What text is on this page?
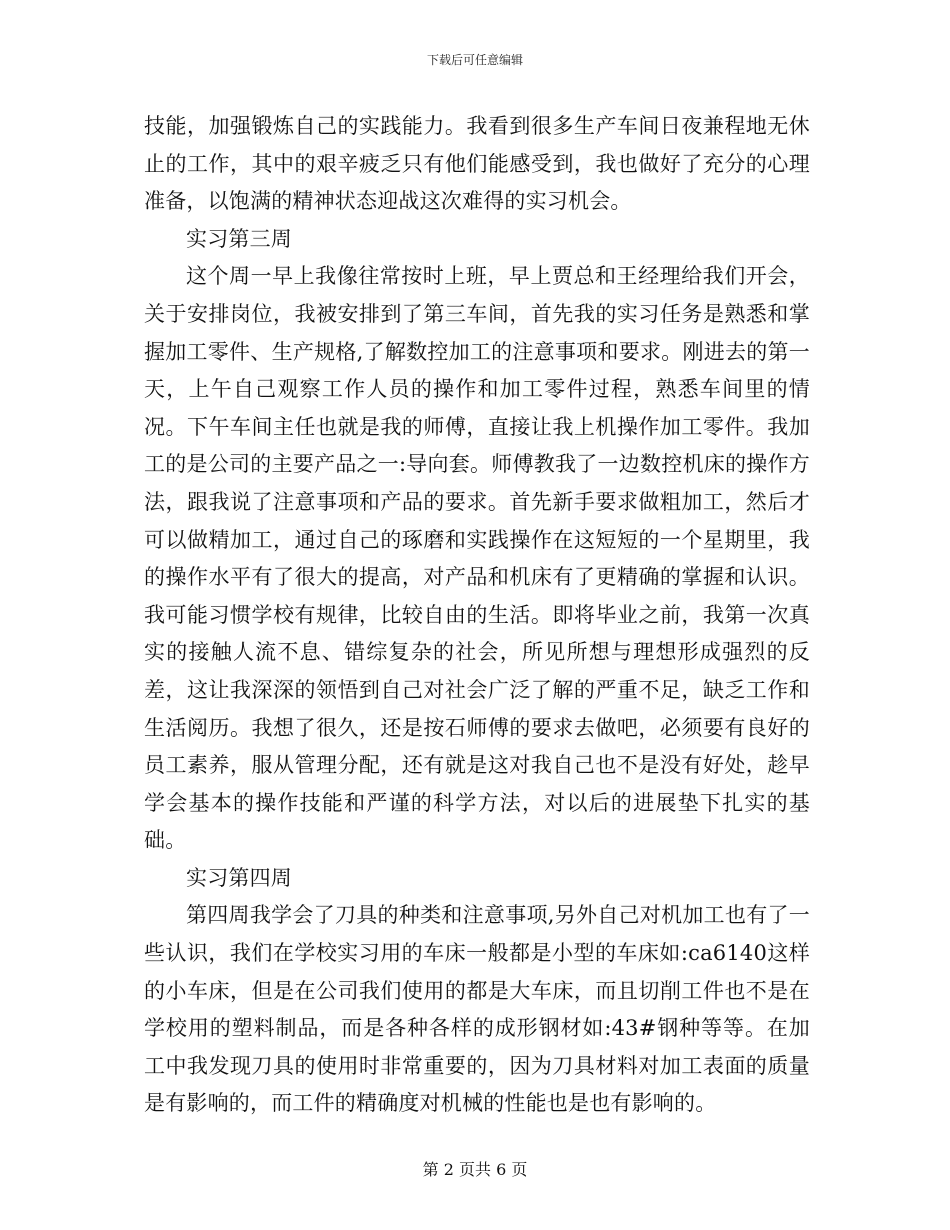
下载后可任意编辑

技能，加强锻炼自己的实践能力。我看到很多生产车间日夜兼程地无休止的工作，其中的艰辛疲乏只有他们能感受到，我也做好了充分的心理准备，以饱满的精神状态迎战这次难得的实习机会。

实习第三周

这个周一早上我像往常按时上班，早上贾总和王经理给我们开会，关于安排岗位，我被安排到了第三车间，首先我的实习任务是熟悉和掌握加工零件、生产规格,了解数控加工的注意事项和要求。刚进去的第一天，上午自己观察工作人员的操作和加工零件过程，熟悉车间里的情况。下午车间主任也就是我的师傅，直接让我上机操作加工零件。我加工的是公司的主要产品之一:导向套。师傅教我了一边数控机床的操作方法，跟我说了注意事项和产品的要求。首先新手要求做粗加工，然后才可以做精加工，通过自己的琢磨和实践操作在这短短的一个星期里，我的操作水平有了很大的提高，对产品和机床有了更精确的掌握和认识。我可能习惯学校有规律，比较自由的生活。即将毕业之前，我第一次真实的接触人流不息、错综复杂的社会，所见所想与理想形成强烈的反差，这让我深深的领悟到自己对社会广泛了解的严重不足，缺乏工作和生活阅历。我想了很久，还是按石师傅的要求去做吧，必须要有良好的员工素养，服从管理分配，还有就是这对我自己也不是没有好处，趁早学会基本的操作技能和严谨的科学方法，对以后的进展垫下扎实的基础。

实习第四周

第四周我学会了刀具的种类和注意事项,另外自己对机加工也有了一些认识，我们在学校实习用的车床一般都是小型的车床如:ca6140这样的小车床，但是在公司我们使用的都是大车床，而且切削工件也不是在学校用的塑料制品，而是各种各样的成形钢材如:43#钢种等等。在加工中我发现刀具的使用时非常重要的，因为刀具材料对加工表面的质量是有影响的，而工件的精确度对机械的性能也是也有影响的。

第 2 页共 6 页
